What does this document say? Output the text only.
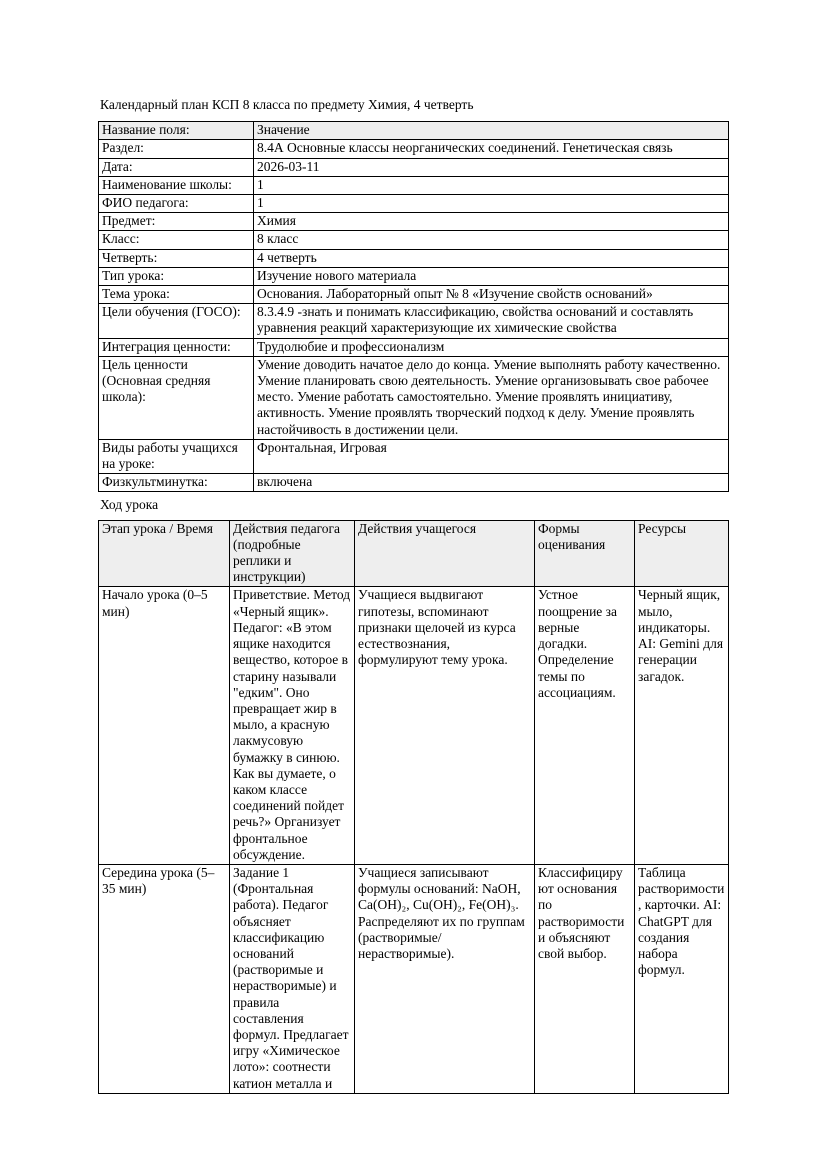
Календарный план КСП 8 класса по предмету Химия, 4 четверть

Название поля:	Значение
Раздел:	8.4А Основные классы неорганических соединений. Генетическая связь
Дата:	2026-03-11
Наименование школы:	1
ФИО педагога:	1
Предмет:	Химия
Класс:	8 класс
Четверть:	4 четверть
Тип урока:	Изучение нового материала
Тема урока:	Основания. Лабораторный опыт № 8 «Изучение свойств оснований»
Цели обучения (ГОСО):	8.3.4.9 -знать и понимать классификацию, свойства оснований и составлять уравнения реакций характеризующие их химические свойства
Интеграция ценности:	Трудолюбие и профессионализм
Цель ценности (Основная средняя школа):	Умение доводить начатое дело до конца. Умение выполнять работу качественно. Умение планировать свою деятельность. Умение организовывать свое рабочее место. Умение работать самостоятельно. Умение проявлять инициативу, активность. Умение проявлять творческий подход к делу. Умение проявлять настойчивость в достижении цели.
Виды работы учащихся на уроке:	Фронтальная, Игровая
Физкультминутка:	включена

Ход урока

Этап урока / Время	Действия педагога (подробные реплики и инструкции)	Действия учащегося	Формы оценивания	Ресурсы
Начало урока (0–5 мин)	Приветствие. Метод «Черный ящик». Педагог: «В этом ящике находится вещество, которое в старину называли "едким". Оно превращает жир в мыло, а красную лакмусовую бумажку в синюю. Как вы думаете, о каком классе соединений пойдет речь?» Организует фронтальное обсуждение.	Учащиеся выдвигают гипотезы, вспоминают признаки щелочей из курса естествознания, формулируют тему урока.	Устное поощрение за верные догадки. Определение темы по ассоциациям.	Черный ящик, мыло, индикаторы. AI: Gemini для генерации загадок.
Середина урока (5–35 мин)	Задание 1 (Фронтальная работа). Педагог объясняет классификацию оснований (растворимые и нерастворимые) и правила составления формул. Предлагает игру «Химическое лото»: соотнести катион металла и	Учащиеся записывают формулы оснований: NaOH, Ca(OH)₂, Cu(OH)₂, Fe(OH)₃. Распределяют их по группам (растворимые/нерастворимые).	Классифицируют основания по растворимости и объясняют свой выбор.	Таблица растворимости, карточки. AI: ChatGPT для создания набора формул.
